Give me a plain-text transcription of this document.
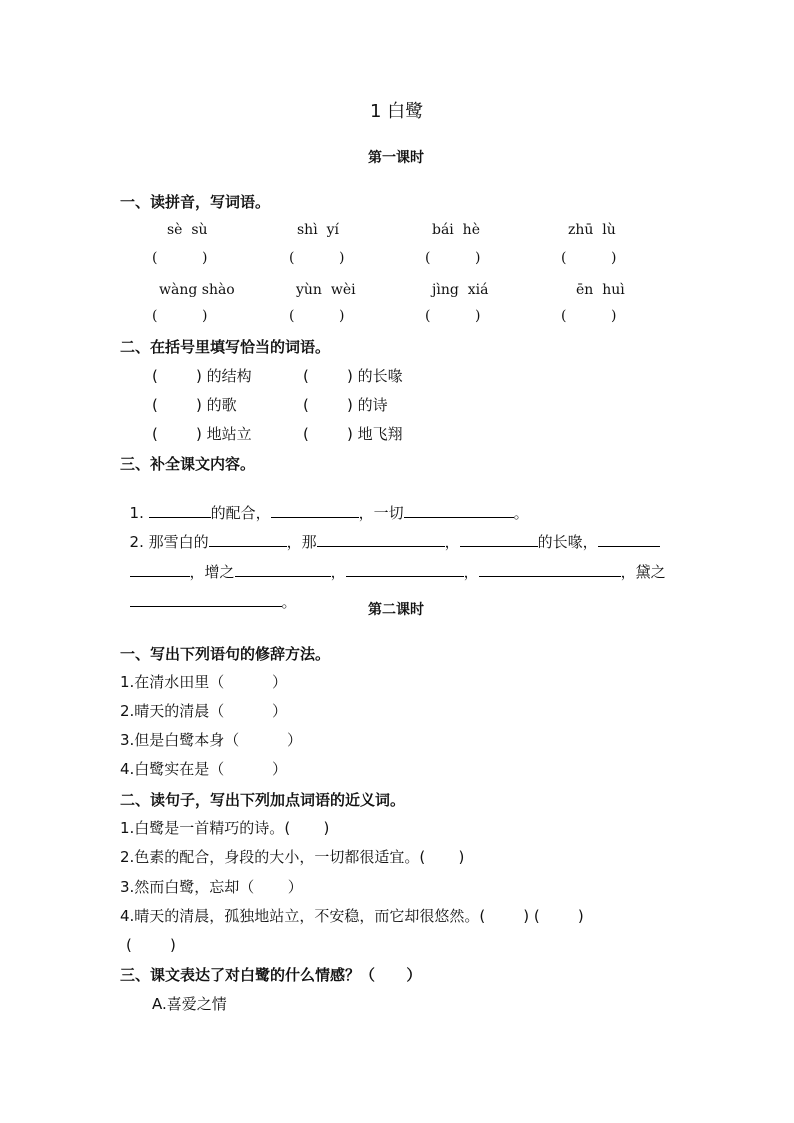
1 白鹭
第一课时
一、读拼音，写词语。
sè  sù	shì  yí	bái  hè	zhū  lù
(          )	(          )	(          )	(          )
wàng shào	yùn  wèi	jìng  xiá	ēn  huì
(          )	(          )	(          )	(          )
二、在括号里填写恰当的词语。
(        ) 的结构	(        ) 的长喙
(        ) 的歌	(        ) 的诗
(        ) 地站立	(        ) 地飞翔
三、补全课文内容。

1.	的配合，	，一切	。

2. 那雪白的	，那	，	的长喙，

，增之	，	，	，黛之

。	第二课时
一、写出下列语句的修辞方法。
1.在清水田里（          ）
2.晴天的清晨（          ）
3.但是白鹭本身（          ）
4.白鹭实在是（          ）
二、读句子，写出下列加点词语的近义词。
1.白鹭是一首精巧的诗。(       )
2.色素的配合，身段的大小，一切都很适宜。(       )
3.然而白鹭，忘却（       ）
4.晴天的清晨，孤独地站立，不安稳，而它却很悠然。(        ) (        )
(        )
三、课文表达了对白鹭的什么情感？（      ）
A.喜爱之情
